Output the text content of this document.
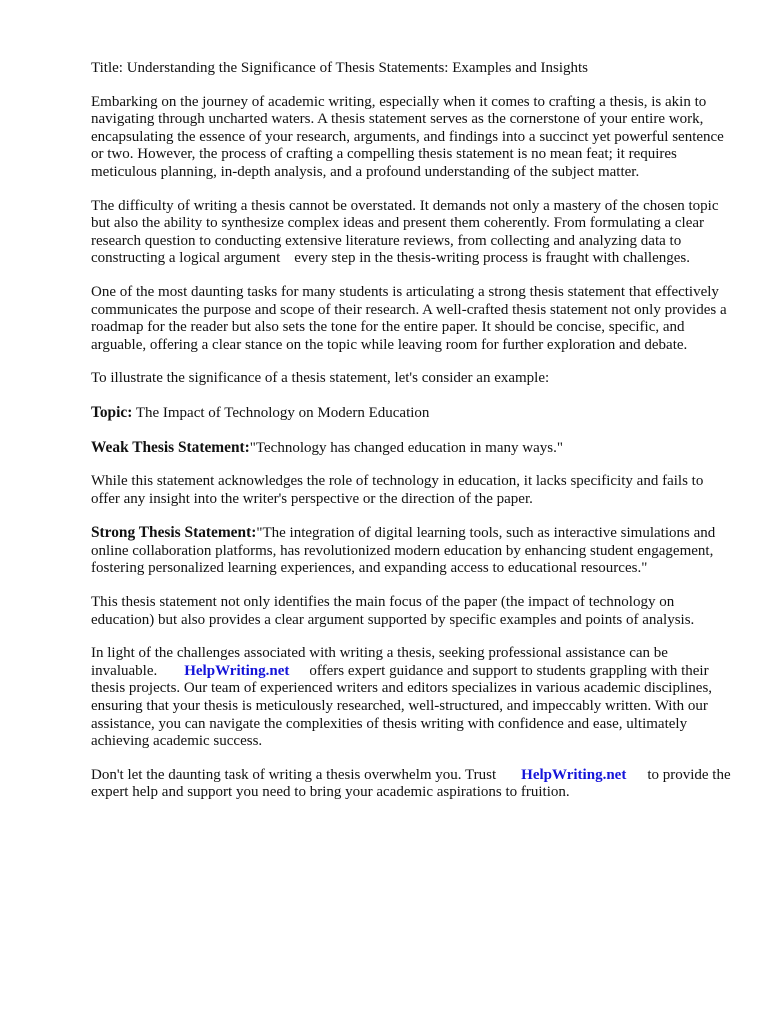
Title: Understanding the Significance of Thesis Statements: Examples and Insights

Embarking on the journey of academic writing, especially when it comes to crafting a thesis, is akin to navigating through uncharted waters. A thesis statement serves as the cornerstone of your entire work, encapsulating the essence of your research, arguments, and findings into a succinct yet powerful sentence or two. However, the process of crafting a compelling thesis statement is no mean feat; it requires meticulous planning, in-depth analysis, and a profound understanding of the subject matter.

The difficulty of writing a thesis cannot be overstated. It demands not only a mastery of the chosen topic but also the ability to synthesize complex ideas and present them coherently. From formulating a clear research question to conducting extensive literature reviews, from collecting and analyzing data to constructing a logical argument every step in the thesis-writing process is fraught with challenges.

One of the most daunting tasks for many students is articulating a strong thesis statement that effectively communicates the purpose and scope of their research. A well-crafted thesis statement not only provides a roadmap for the reader but also sets the tone for the entire paper. It should be concise, specific, and arguable, offering a clear stance on the topic while leaving room for further exploration and debate.

To illustrate the significance of a thesis statement, let's consider an example:

Topic: The Impact of Technology on Modern Education

Weak Thesis Statement:"Technology has changed education in many ways."

While this statement acknowledges the role of technology in education, it lacks specificity and fails to offer any insight into the writer's perspective or the direction of the paper.

Strong Thesis Statement:"The integration of digital learning tools, such as interactive simulations and online collaboration platforms, has revolutionized modern education by enhancing student engagement, fostering personalized learning experiences, and expanding access to educational resources."

This thesis statement not only identifies the main focus of the paper (the impact of technology on education) but also provides a clear argument supported by specific examples and points of analysis.

In light of the challenges associated with writing a thesis, seeking professional assistance can be invaluable. HelpWriting.net offers expert guidance and support to students grappling with their thesis projects. Our team of experienced writers and editors specializes in various academic disciplines, ensuring that your thesis is meticulously researched, well-structured, and impeccably written. With our assistance, you can navigate the complexities of thesis writing with confidence and ease, ultimately achieving academic success.

Don't let the daunting task of writing a thesis overwhelm you. Trust HelpWriting.net to provide the expert help and support you need to bring your academic aspirations to fruition.
